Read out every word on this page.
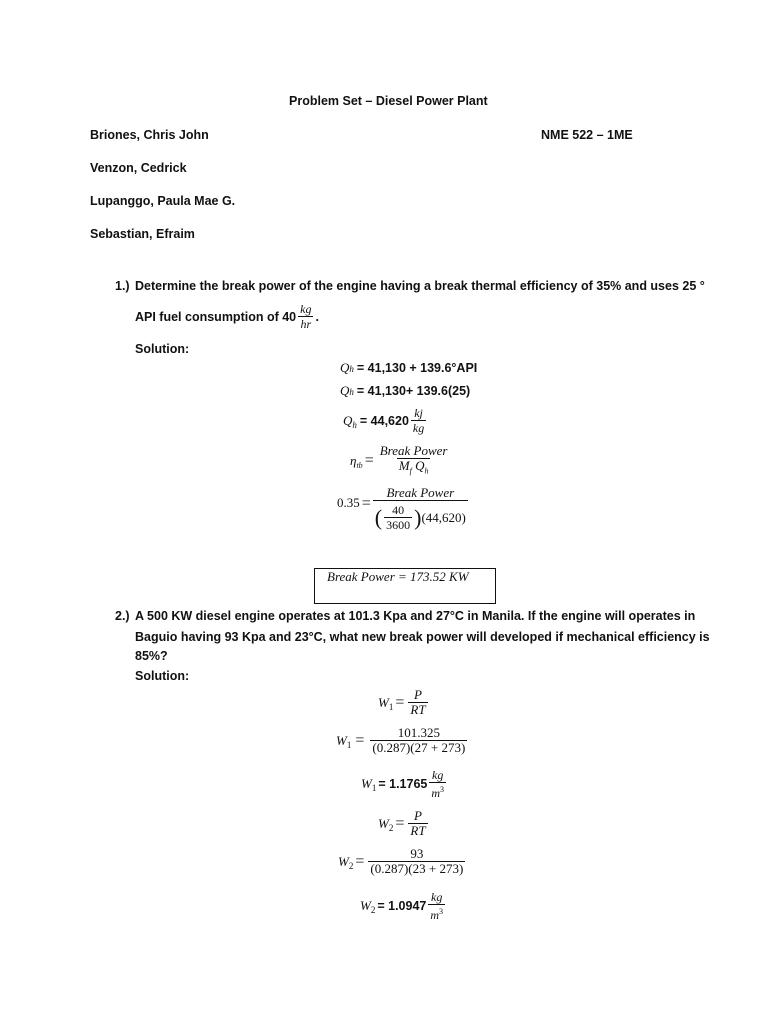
Problem Set – Diesel Power Plant
Briones, Chris John	NME 522 – 1ME
Venzon, Cedrick
Lupanggo, Paula Mae G.
Sebastian, Efraim
1.) Determine the break power of the engine having a break thermal efficiency of 35% and uses 25 °
API fuel consumption of $40 \frac{kg}{hr}$ .
Solution:
Q h = 41,130 + 139.6°API
Q h = 41,130+ 139.6(25)
$Q_h = 44,620 \frac{kj}{kg}$
$\eta_{tb} = \frac{\text{Break Power}}{M_f Q_h}$
0.35 =
Break Power
( $\frac{40}{3600}$ ) (44,620)
Break Power = 173.52 KW
2.) A 500 KW diesel engine operates at 101.3 Kpa and 27°C in Manila. If the engine will operates in
Baguio having 93 Kpa and 23°C, what new break power will developed if mechanical efficiency is
85%?
Solution:
$W_1 = \frac{P}{RT}$
$W_1 = \frac{101.325}{(0.287)(27 + 273)}$
$W_1 = 1.1765 \frac{kg}{m^3}$
$W_2 = \frac{P}{RT}$
$W_2 = \frac{93}{(0.287)(23 + 273)}$
$W_2 = 1.0947 \frac{kg}{m^3}$
